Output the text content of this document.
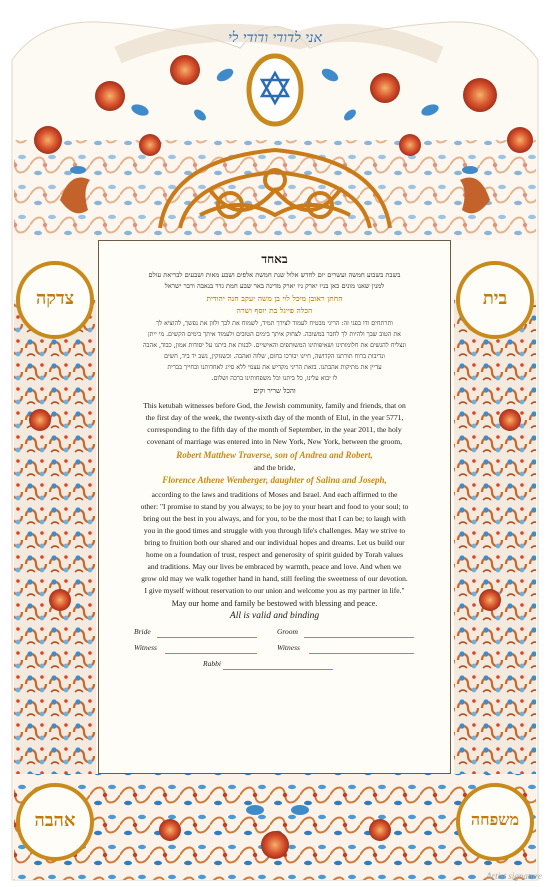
אני לדודי ודודי לי
צדקה	בית
אהבה	משפחה
באחד
בשבת בשבוע חמשה ועשרים יום לחדש אלול שנת חמשת אלפים ושבע מאות ושבעים לבריאת עולם
למנין שאנו מונים כאן בניו יארק ניו יארק מדינה באר שבע חמת גדר בנאבה ורבר ישראל
החתן ראובן מיכל לוי בן משה יעקב חנה יהודית
הכלה פייגל בת יוסף ושרה
ותרתחים ודו בפני זה: הריני מבטיח לעמוד לצידך תמיד, לשמוח את לבך ולזון את נפשך, להוציא לך
את הטוב שבך ולהיות לך לחבר במשובה. לצחוק איתך בימים הטובים ולעמוד איתך בימים הקשים. מי ייתן
ונצליח להגשים את חלומותינו ושאיפותינו המשותפים והאישיים. לבנות את ביתנו על יסודות אמון, כבוד, אהבה
ונדיבות ברוח תורתנו הקדושה, חיינו יבורכו בחום, שלוה ואהבה. וכשנזקין, נשב יד ביד, חשים
עדיין את מתיקות אהבתנו. בזאת הריני מקדיש את עצמי ללא סייג לאחדותנו ובחייך בברית
לו יבוא עלינו, כל ביתנו וכל משפחותינו ברכה ושלום.
והכל שריר וקים
This ketubah witnesses before God, the Jewish community, family and friends, that on
the first day of the week, the twenty-sixth day of the month of Elul, in the year 5771,
corresponding to the fifth day of the month of September, in the year 2011, the holy
covenant of marriage was entered into in New York, New York, between the groom,
Robert Matthew Traverse, son of Andrea and Robert,
and the bride,
Florence Athene Wenberger, daughter of Salina and Joseph,
according to the laws and traditions of Moses and Israel. And each affirmed to the
other: "I promise to stand by you always; to be joy to your heart and food to your soul; to
bring out the best in you always, and for you, to be the most that I can be; to laugh with
you in the good times and struggle with you through life's challenges. May we strive to
bring to fruition both our shared and our individual hopes and dreams. Let us build our
home on a foundation of trust, respect and generosity of spirit guided by Torah values
and traditions. May our lives be embraced by warmth, peace and love. And when we
grow old may we walk together hand in hand, still feeling the sweetness of our devotion.
I give myself without reservation to our union and welcome you as my partner in life."
May our home and family be bestowed with blessing and peace.
All is valid and binding
Bride	Groom
Witness	Witness
Rabbi
Artist signature
